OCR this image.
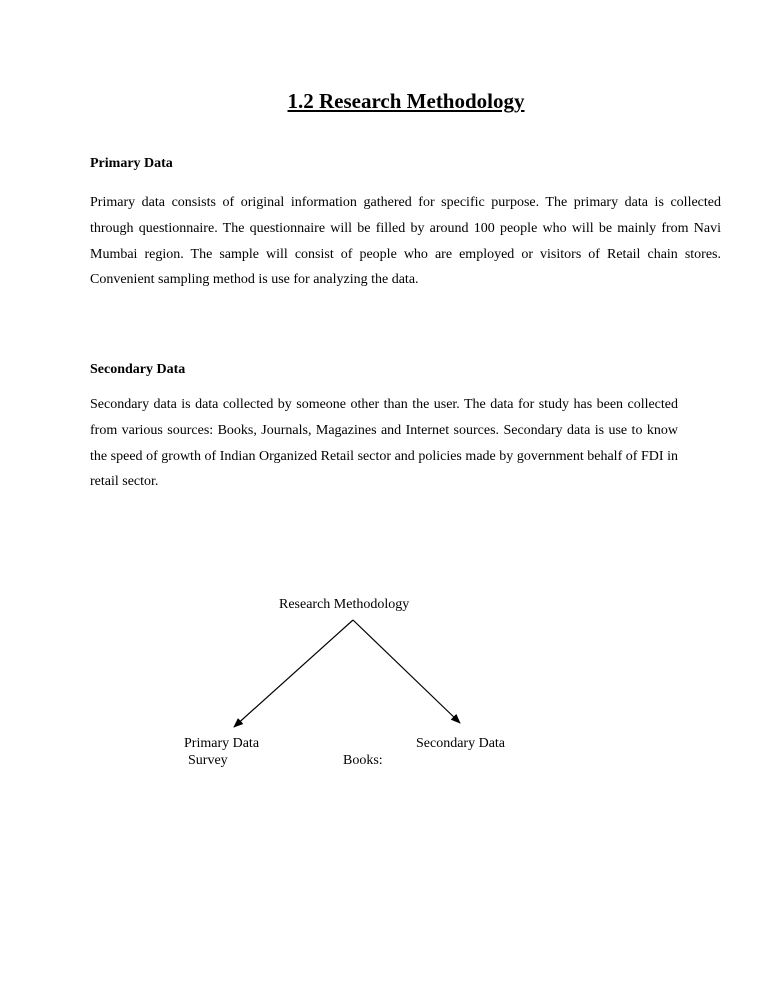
1.2 Research Methodology
Primary Data

Primary data consists of original information gathered for specific purpose. The primary data is collected through questionnaire. The questionnaire will be filled by around 100 people who will be mainly from Navi Mumbai region. The sample will consist of people who are employed or visitors of Retail chain stores. Convenient sampling method is use for analyzing the data.

Secondary Data

Secondary data is data collected by someone other than the user. The data for study has been collected from various sources: Books, Journals, Magazines and Internet sources. Secondary data is use to know the speed of growth of Indian Organized Retail sector and policies made by government behalf of FDI in retail sector.

Research Methodology
Primary Data
Survey
Secondary Data
Books:
